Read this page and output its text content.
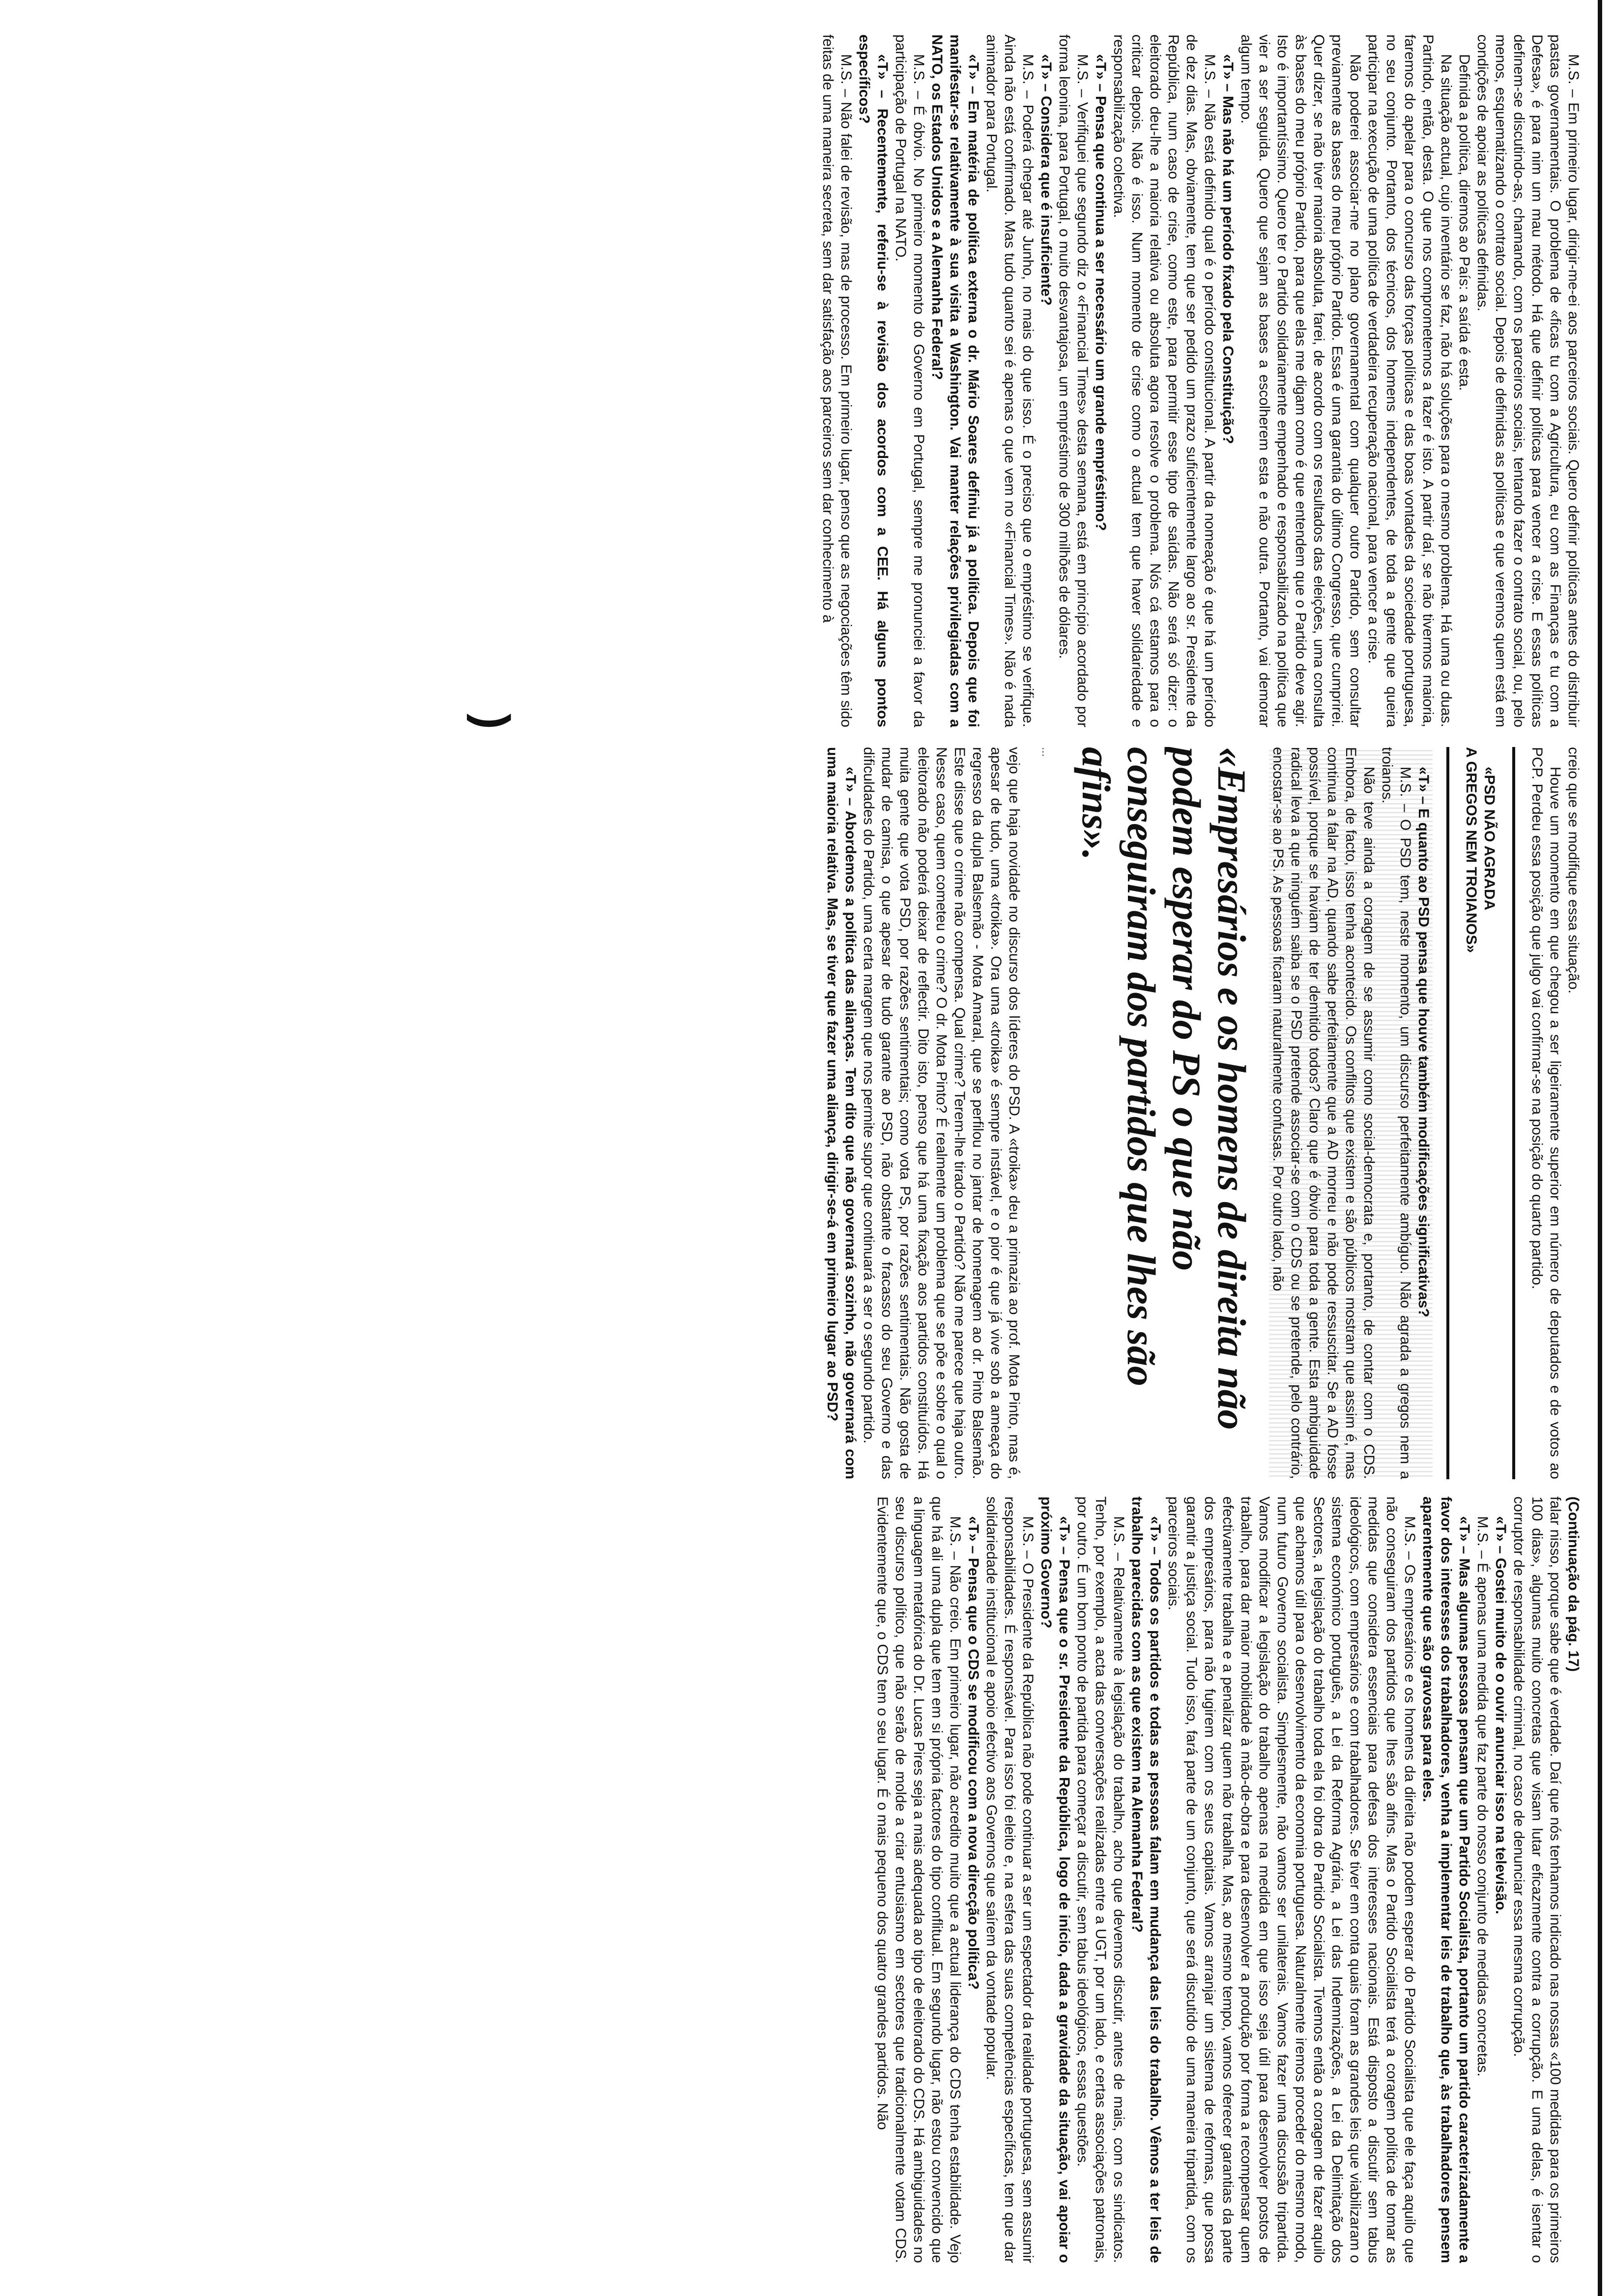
(Continuação da pág. 17)

falar nisso, porque sabe que é verdade. Daí que nós tenhamos indicado nas nossas «100 medidas para os primeiros 100 dias», algumas muito concretas que visam lutar eficazmente contra a corrupção. E uma delas, é isentar o corruptor de responsabilidade criminal, no caso de denunciar essa mesma corrupção.

«T» – Gostei muito de o ouvir anunciar isso na televisão.

M.S. – É apenas uma medida que faz parte do nosso conjunto de medidas concretas.

«T» – Mas algumas pessoas pensam que um Partido Socialista, portanto um partido caracterizadamente a favor dos interesses dos trabalhadores, venha a implementar leis de trabalho que, às trabalhadores pensem aparentemente que são gravosas para eles.

M.S. – Os empresários e os homens da direita não podem esperar do Partido Socialista que ele faça aquilo que não conseguiram dos partidos que lhes são afins. Mas o Partido Socialista terá a coragem política de tomar as medidas que considera essenciais para defesa dos interesses nacionais. Está disposto a discutir sem tabus ideológicos, com empresários e com trabalhadores. Se tiver em conta quais foram as grandes leis que viabilizaram o sistema económico português, a Lei da Reforma Agrária, a Lei das Indemnizações, a Lei da Delimitação dos Sectores, a legislação do trabalho toda ela foi obra do Partido Socialista. Tivemos então a coragem de fazer aquilo que achamos útil para o desenvolvimento da economia portuguesa. Naturalmente iremos proceder do mesmo modo, num futuro Governo socialista. Simplesmente, não vamos ser unilaterais. Vamos fazer uma discussão tripartida. Vamos modificar a legislação do trabalho apenas na medida em que isso seja útil para desenvolver postos de trabalho, para dar maior mobilidade à mão-de-obra e para desenvolver a produção por forma a recompensar quem efectivamente trabalha e a penalizar quem não trabalha. Mas, ao mesmo tempo, vamos oferecer garantias da parte dos empresários, para não fugirem com os seus capitais. Vamos arranjar um sistema de reformas, que possa garantir a justiça social. Tudo isso, fará parte de um conjunto, que será discutido de uma maneira tripartida, com os parceiros sociais.

«T» – Todos os partidos e todas as pessoas falam em mudança das leis do trabalho. Vêmos a ter leis de trabalho parecidas com as que existem na Alemanha Federal?

M.S. – Relativamente à legislação do trabalho, acho que devemos discutir, antes de mais, com os sindicatos. Tenho, por exemplo, a acta das conversações realizadas entre a UGT, por um lado, e certas associações patronais, por outro. É um bom ponto de partida para começar a discutir, sem tabus ideológicos, essas questões.

«T» – Pensa que o sr. Presidente da República, logo de início, dada a gravidade da situação, vai apoiar o próximo Governo?

M.S. – O Presidente da República não pode continuar a ser um espectador da realidade portuguesa, sem assumir responsabilidades. É responsável. Para isso foi eleito e, na esfera das suas competências específicas, tem que dar solidariedade institucional e apoio efectivo aos Governos que saírem da vontade popular.

«T» – Pensa que o CDS se modificou com a nova direcção política?

M.S. – Não creio. Em primeiro lugar, não acredito muito que a actual liderança do CDS tenha estabilidade. Vejo que há ali uma dupla que tem em si própria factores do tipo conflitual. Em segundo lugar, não estou convencido que a linguagem metafórica do Dr. Lucas Pires seja a mais adequada ao tipo de eleitorado do CDS. Há ambiguidades no seu discurso político, que não serão de molde a criar entusiasmo em sectores que tradicionalmente votam CDS. Evidentemente que, o CDS tem o seu lugar. É o mais pequeno dos quatro grandes partidos. Não

creio que se modifique essa situação.

Houve um momento em que chegou a ser ligeiramente superior em número de deputados e de votos ao PCP. Perdeu essa posição que julgo vai confirmar-se na posição do quarto partido.

«PSD NÃO AGRADA
A GREGOS NEM TROIANOS»

«T» – E quanto ao PSD pensa que houve também modificações significativas?

M.S. – O PSD tem, neste momento, um discurso perfeitamente ambíguo. Não agrada a gregos nem a troianos.

Não teve ainda a coragem de se assumir como social-democrata e, portanto, de contar com o CDS. Embora, de facto, isso tenha acontecido. Os conflitos que existem e são públicos mostram que assim é, mas continua a falar na AD, quando sabe perfeitamente que a AD morreu e não pode ressuscitar. Se a AD fosse possível, porque se haviam de ter demitido todos? Claro que é óbvio para toda a gente. Esta ambiguidade radical leva a que ninguém saiba se o PSD pretende associar-se com o CDS ou se pretende, pelo contrário, encostar-se ao PS. As pessoas ficaram naturalmente confusas. Por outro lado, não

«Empresários e os homens de direita não podem esperar do PS o que não conseguiram dos partidos que lhes são afins».
...

vejo que haja novidade no discurso dos líderes do PSD. A «troika» deu a primazia ao prof. Mota Pinto, mas é, apesar de tudo, uma «troika». Ora uma «troika» é sempre instável, e o pior é que já vive sob a ameaça do regresso da dupla Balsemão - Mota Amaral, que se perfilou no jantar de homenagem ao dr. Pinto Balsemão. Este disse que o crime não compensa. Qual crime? Terem-lhe tirado o Partido? Não me parece que haja outro. Nesse caso, quem cometeu o crime? O dr. Mota Pinto? É realmente um problema que se põe e sobre o qual o eleitorado não poderá deixar de reflectir. Dito isto, penso que há uma fixação aos partidos constituídos. Há muita gente que vota PSD, por razões sentimentais; como vota PS, por razões sentimentais. Não gosta de mudar de camisa, o que apesar de tudo garante ao PSD, não obstante o fracasso do seu Governo e das dificuldades do Partido, uma certa margem que nos permite supor que continuará a ser o segundo partido.

«T» – Abordemos a política das alianças. Tem dito que não governará sozinho, não governará com uma maioria relativa. Mas, se tiver que fazer uma aliança, dirigir-se-á em primeiro lugar ao PSD?

)	M.S. – Em primeiro lugar, dirigir-me-ei aos parceiros sociais. Quero definir políticas antes do distribuir pastas governamentais. O problema de «ficas tu com a Agricultura, eu com as Finanças e tu com a Defesa», é para nim um mau método. Há que definir políticas para vencer a crise. E essas políticas definem-se discutindo-as, chamando, com os parceiros sociais, tentando fazer o contrato social, ou, pelo menos, esquematizando o contrato social. Depois de definidas as políticas e que veremos quem está em condições de apoiar as políticas definidas.

Definida a política, diremos ao País: a saída é esta.

Na situação actual, cujo inventário se faz, não há soluções para o mesmo problema. Há uma ou duas. Partindo, então, desta. O que nos comprometemos a fazer é isto. A partir daí, se não tivermos maioria, faremos do apelar para o concurso das forças políticas e das boas vontades da sociedade portuguesa, no seu conjunto. Portanto, dos técnicos, dos homens independentes, de toda a gente que queira participar na execução de uma política de verdadeira recuperação nacional, para vencer a crise.

Não poderei associar-me no plano governamental com qualquer outro Partido, sem consultar previamente as bases do meu próprio Partido. Essa é uma garantia do último Congresso, que cumprirei. Quer dizer, se não tiver maioria absoluta, farei, de acordo com os resultados das eleições, uma consulta às bases do meu próprio Partido, para que elas me digam como é que entendem que o Partido deve agir. Isto é importantíssimo. Quero ter o Partido solidariamente empenhado e responsabilizado na política que vier a ser seguida. Quero que sejam as bases a escolherem esta e não outra. Portanto, vai demorar algum tempo.

«T» – Mas não há um período fixado pela Constituição?

M.S. – Não está definido qual é o período constitucional. A partir da nomeação é que há um período de dez dias. Mas, obviamente, tem que ser pedido um prazo suficientemente largo ao sr. Presidente da República, num caso de crise, como este, para permitir esse tipo de saídas. Não será só dizer: o eleitorado deu-lhe a maioria relativa ou absoluta agora resolve o problema. Nós cá estamos para o criticar depois. Não é isso. Num momento de crise como o actual tem que haver solidariedade e responsabilização colectiva.

«T» – Pensa que continua a ser necessário um grande empréstimo?

M.S. – Verifiquei que segundo diz o «Financial Times» desta semana, está em princípio acordado por forma leonina, para Portugal, o muito desvantajosa, um empréstimo de 300 milhões de dólares.

«T» – Considera que é insuficiente?

M.S. – Poderá chegar até Junho, no mais do que isso. É o preciso que o empréstimo se verifique. Ainda não está confirmado. Mas tudo quanto sei é apenas o que vem no «Financial Times». Não é nada animador para Portugal.

«T» – Em matéria de política externa o dr. Mário Soares definiu já a política. Depois que foi manifestar-se relativamente à sua visita a Washington. Vai manter relações privilegiadas com a NATO, os Estados Unidos e a Alemanha Federal?

M.S. – É óbvio. No primeiro momento do Governo em Portugal, sempre me pronunciei a favor da participação de Portugal na NATO.

«T» – Recentemente, referiu-se à revisão dos acordos com a CEE. Há alguns pontos específicos?

M.S. – Não falei de revisão, mas de processo. Em primeiro lugar, penso que as negociações têm sido feitas de uma maneira secreta, sem dar satisfação aos parceiros sem dar conhecimento à
